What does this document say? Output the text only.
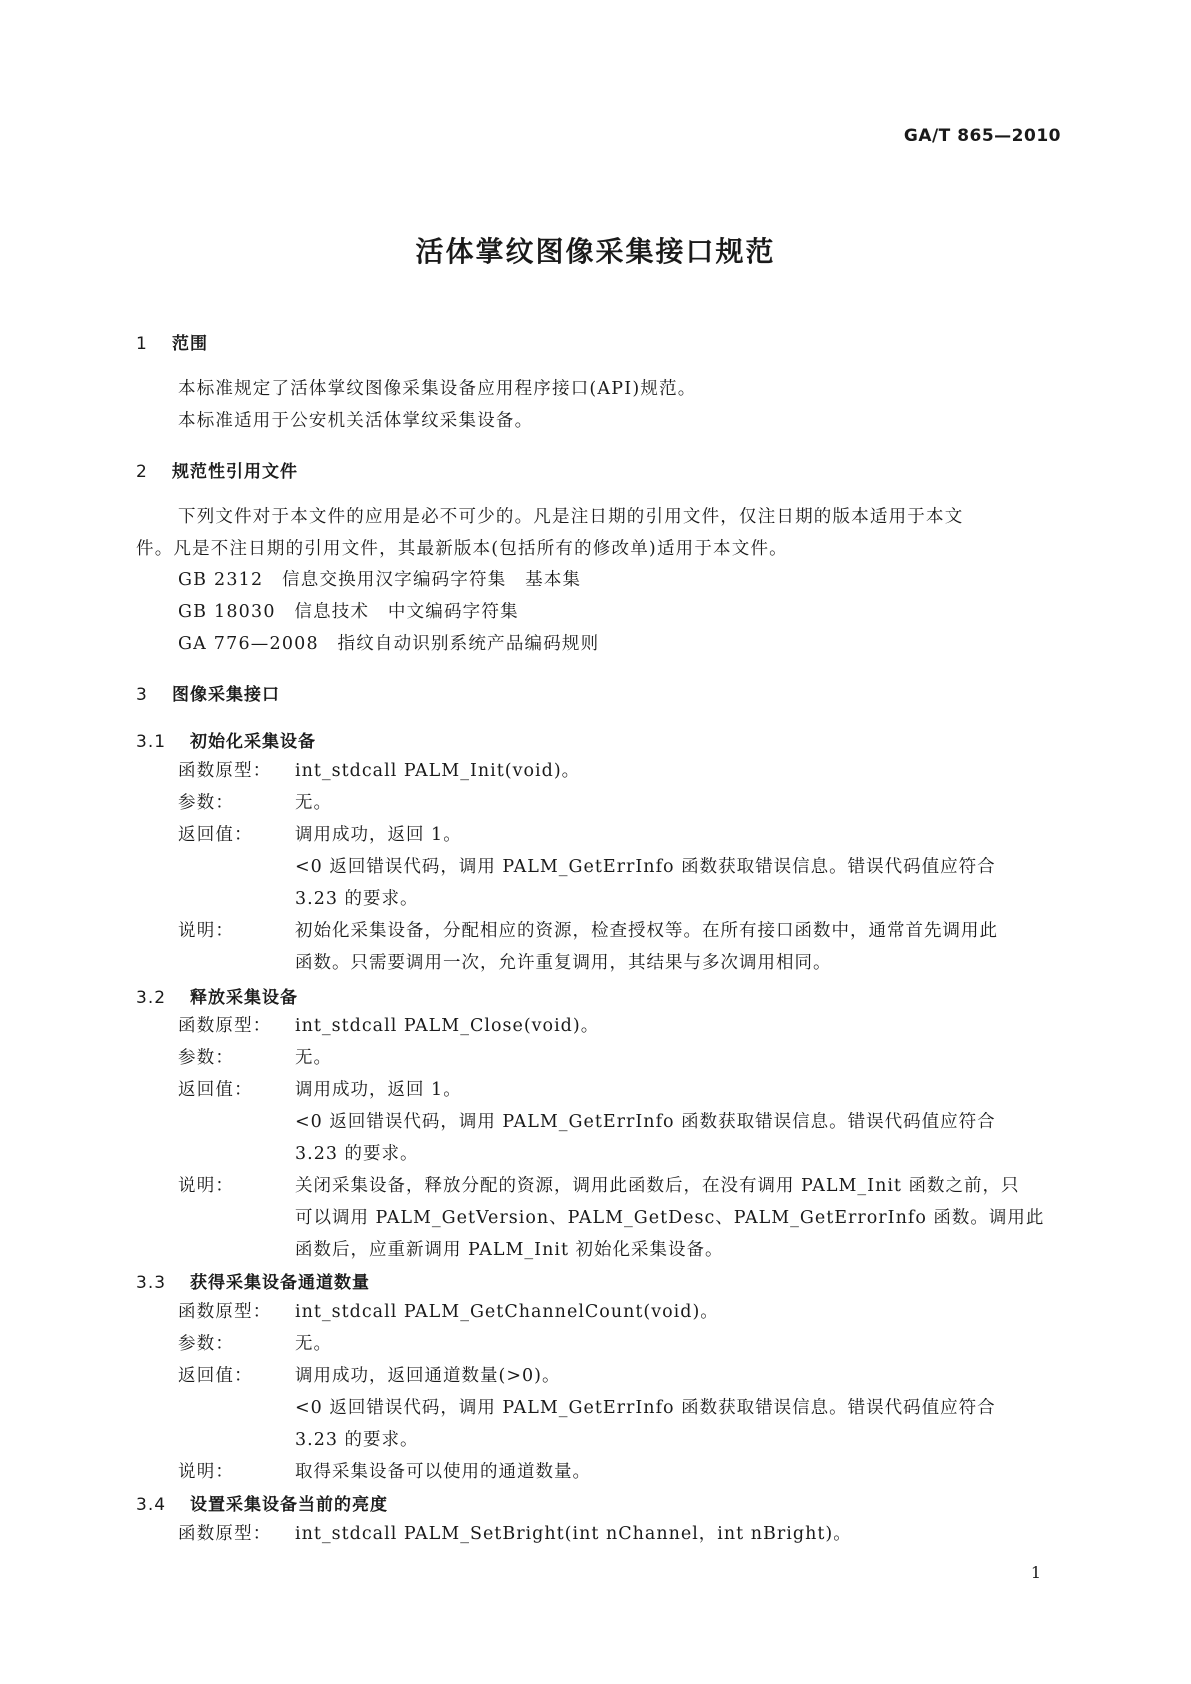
GA/T 865—2010
活体掌纹图像采集接口规范
1 范围
本标准规定了活体掌纹图像采集设备应用程序接口(API)规范。
本标准适用于公安机关活体掌纹采集设备。
2 规范性引用文件
下列文件对于本文件的应用是必不可少的。凡是注日期的引用文件，仅注日期的版本适用于本文
件。凡是不注日期的引用文件，其最新版本(包括所有的修改单)适用于本文件。
GB 2312　信息交换用汉字编码字符集　基本集
GB 18030　信息技术　中文编码字符集
GA 776—2008　指纹自动识别系统产品编码规则
3 图像采集接口
3.1 初始化采集设备
函数原型： int_stdcall PALM_Init(void)。
参数：	无。
返回值： 调用成功，返回 1。
<0 返回错误代码，调用 PALM_GetErrInfo 函数获取错误信息。错误代码值应符合
3.23 的要求。
说明：	初始化采集设备，分配相应的资源，检查授权等。在所有接口函数中，通常首先调用此
函数。只需要调用一次，允许重复调用，其结果与多次调用相同。
3.2 释放采集设备
函数原型： int_stdcall PALM_Close(void)。
参数：	无。
返回值： 调用成功，返回 1。
<0 返回错误代码，调用 PALM_GetErrInfo 函数获取错误信息。错误代码值应符合
3.23 的要求。
说明：	关闭采集设备，释放分配的资源，调用此函数后，在没有调用 PALM_Init 函数之前，只
可以调用 PALM_GetVersion、PALM_GetDesc、PALM_GetErrorInfo 函数。调用此
函数后，应重新调用 PALM_Init 初始化采集设备。
3.3 获得采集设备通道数量
函数原型： int_stdcall PALM_GetChannelCount(void)。
参数：	无。
返回值： 调用成功，返回通道数量(>0)。
<0 返回错误代码，调用 PALM_GetErrInfo 函数获取错误信息。错误代码值应符合
3.23 的要求。
说明：	取得采集设备可以使用的通道数量。
3.4 设置采集设备当前的亮度
函数原型： int_stdcall PALM_SetBright(int nChannel，int nBright)。
1
